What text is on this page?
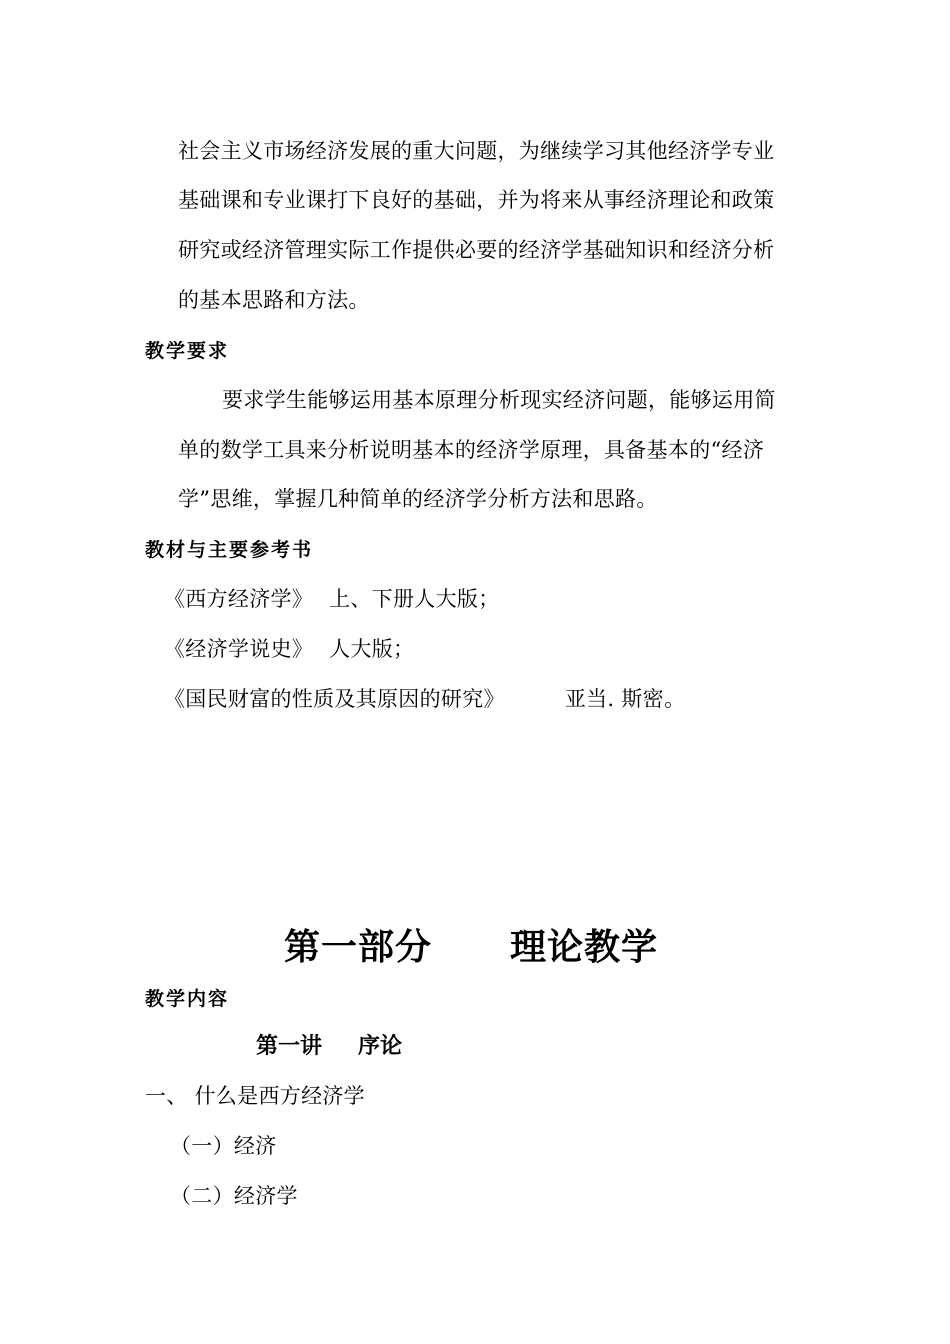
社会主义市场经济发展的重大问题，为继续学习其他经济学专业
基础课和专业课打下良好的基础，并为将来从事经济理论和政策
研究或经济管理实际工作提供必要的经济学基础知识和经济分析
的基本思路和方法。
教学要求
要求学生能够运用基本原理分析现实经济问题，能够运用简
单的数学工具来分析说明基本的经济学原理，具备基本的“经济
学”思维，掌握几种简单的经济学分析方法和思路。
教材与主要参考书
《西方经济学》 上、下册人大版；
《经济学说史》 人大版；
《国民财富的性质及其原因的研究》	亚当. 斯密。
第一部分 理论教学
教学内容
第一讲 序论
一、 什么是西方经济学
（一）经济
（二）经济学
